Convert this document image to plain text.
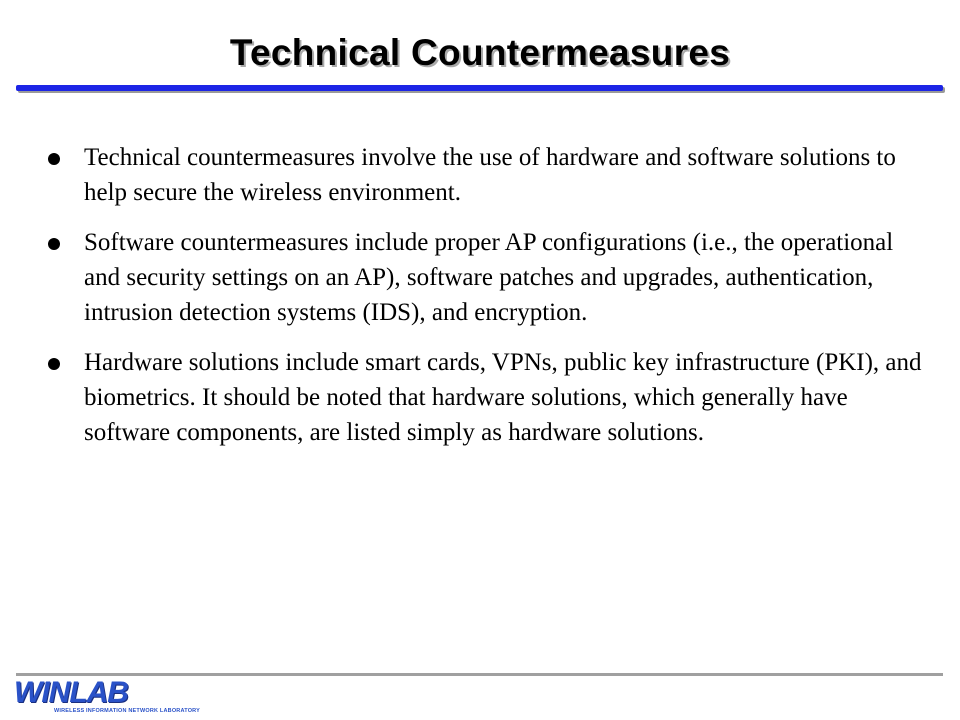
Technical Countermeasures
Technical countermeasures involve the use of hardware and software solutions to help secure the wireless environment.
Software countermeasures include proper AP configurations (i.e., the operational and security settings on an AP), software patches and upgrades, authentication, intrusion detection systems (IDS), and encryption.
Hardware solutions include smart cards, VPNs, public key infrastructure (PKI), and biometrics. It should be noted that hardware solutions, which generally have software components, are listed simply as hardware solutions.
WINLAB
WIRELESS INFORMATION NETWORK LABORATORY
